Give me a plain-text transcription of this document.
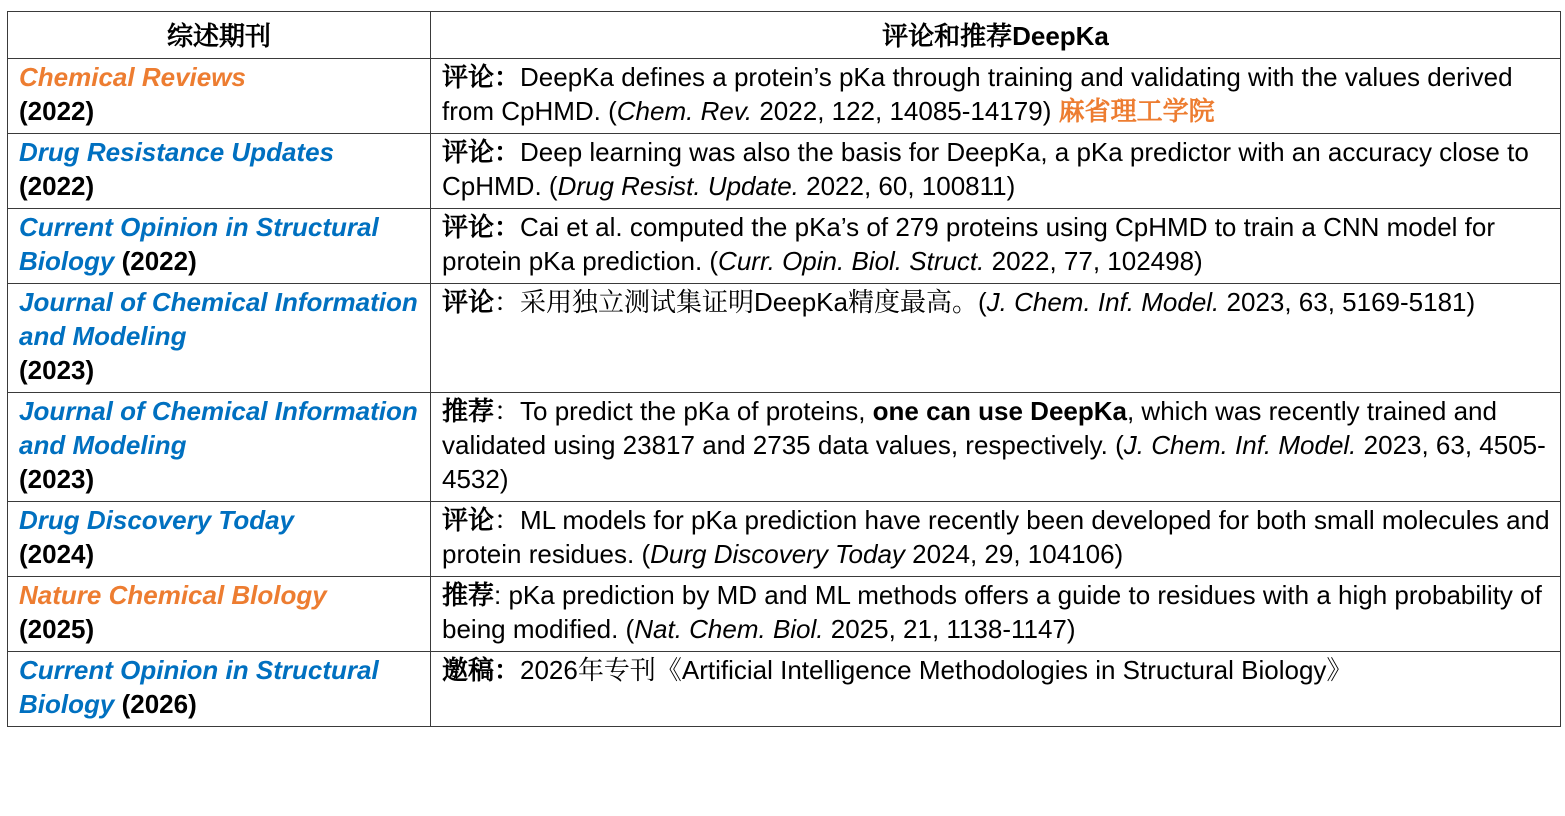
综述期刊	评论和推荐DeepKa
Chemical Reviews
(2022)	评论：DeepKa defines a protein’s pKa through training and validating with the values derived from CpHMD. (Chem. Rev. 2022, 122, 14085-14179) 麻省理工学院
Drug Resistance Updates
(2022)	评论：Deep learning was also the basis for DeepKa, a pKa predictor with an accuracy close to CpHMD. (Drug Resist. Update. 2022, 60, 100811)
Current Opinion in Structural Biology (2022)	评论：Cai et al. computed the pKa’s of 279 proteins using CpHMD to train a CNN model for protein pKa prediction. (Curr. Opin. Biol. Struct. 2022, 77, 102498)
Journal of Chemical Information and Modeling
(2023)	评论：采用独立测试集证明DeepKa精度最高。(J. Chem. Inf. Model. 2023, 63, 5169-5181)
Journal of Chemical Information and Modeling
(2023)	推荐：To predict the pKa of proteins, one can use DeepKa, which was recently trained and validated using 23817 and 2735 data values, respectively. (J. Chem. Inf. Model. 2023, 63, 4505-4532)
Drug Discovery Today
(2024)	评论：ML models for pKa prediction have recently been developed for both small molecules and protein residues. (Durg Discovery Today 2024, 29, 104106)
Nature Chemical Blology
(2025)	推荐: pKa prediction by MD and ML methods offers a guide to residues with a high probability of being modified. (Nat. Chem. Biol. 2025, 21, 1138-1147)
Current Opinion in Structural Biology (2026)	邀稿：2026年专刊《Artificial Intelligence Methodologies in Structural Biology》
